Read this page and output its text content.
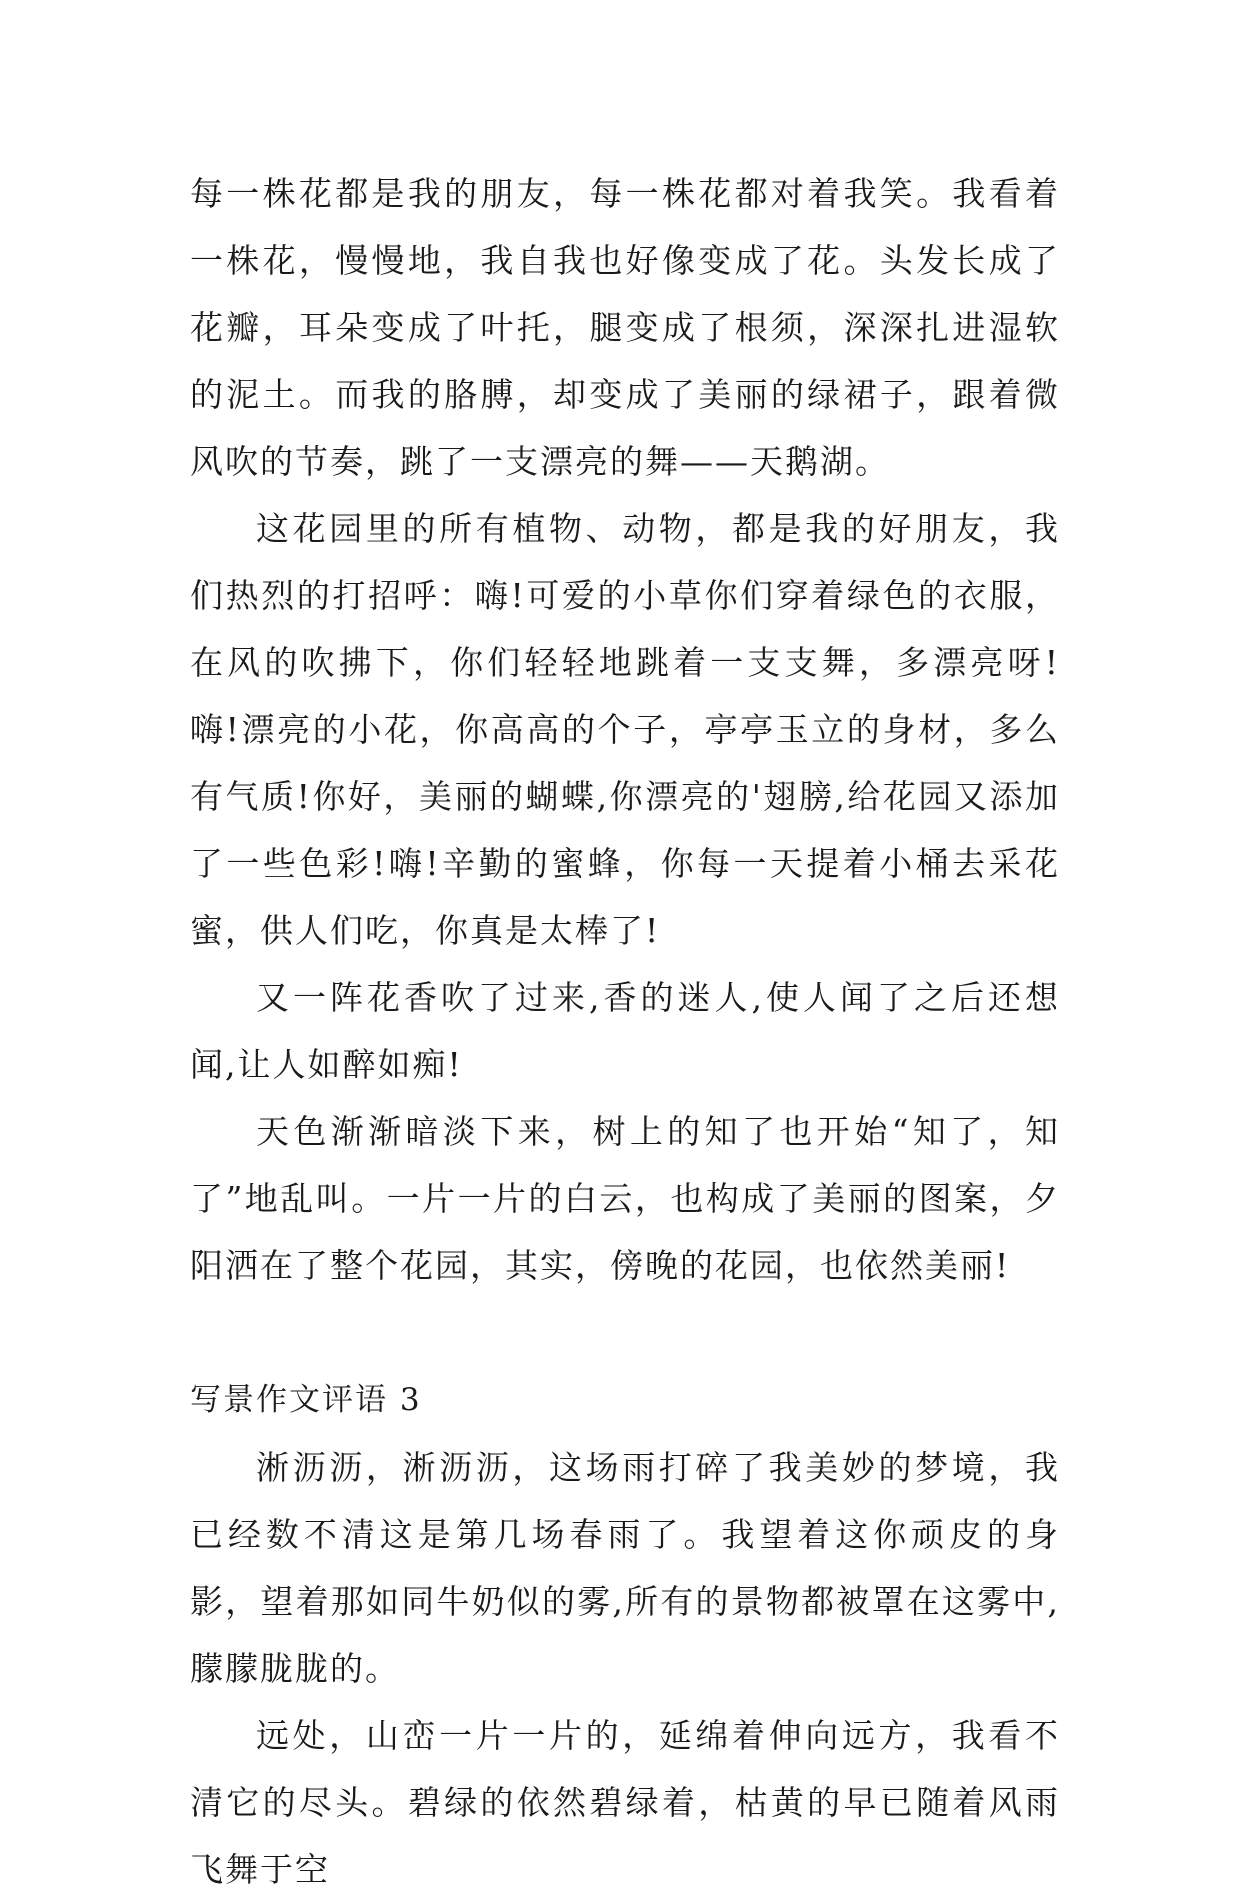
每一株花都是我的朋友，每一株花都对着我笑。我看着一株花，慢慢地，我自我也好像变成了花。头发长成了花瓣，耳朵变成了叶托，腿变成了根须，深深扎进湿软的泥土。而我的胳膊，却变成了美丽的绿裙子，跟着微风吹的节奏，跳了一支漂亮的舞——天鹅湖。

这花园里的所有植物、动物，都是我的好朋友，我们热烈的打招呼：嗨!可爱的小草你们穿着绿色的衣服，在风的吹拂下，你们轻轻地跳着一支支舞，多漂亮呀!嗨!漂亮的小花，你高高的个子，亭亭玉立的身材，多么有气质!你好，美丽的蝴蝶,你漂亮的'翅膀,给花园又添加了一些色彩!嗨!辛勤的蜜蜂，你每一天提着小桶去采花蜜，供人们吃，你真是太棒了!

又一阵花香吹了过来,香的迷人,使人闻了之后还想闻,让人如醉如痴!

天色渐渐暗淡下来，树上的知了也开始“知了，知了”地乱叫。一片一片的白云，也构成了美丽的图案，夕阳洒在了整个花园，其实，傍晚的花园，也依然美丽!

写景作文评语 3

淅沥沥，淅沥沥，这场雨打碎了我美妙的梦境，我已经数不清这是第几场春雨了。我望着这你顽皮的身影，望着那如同牛奶似的雾,所有的景物都被罩在这雾中,朦朦胧胧的。

远处，山峦一片一片的，延绵着伸向远方，我看不清它的尽头。碧绿的依然碧绿着，枯黄的早已随着风雨飞舞于空
